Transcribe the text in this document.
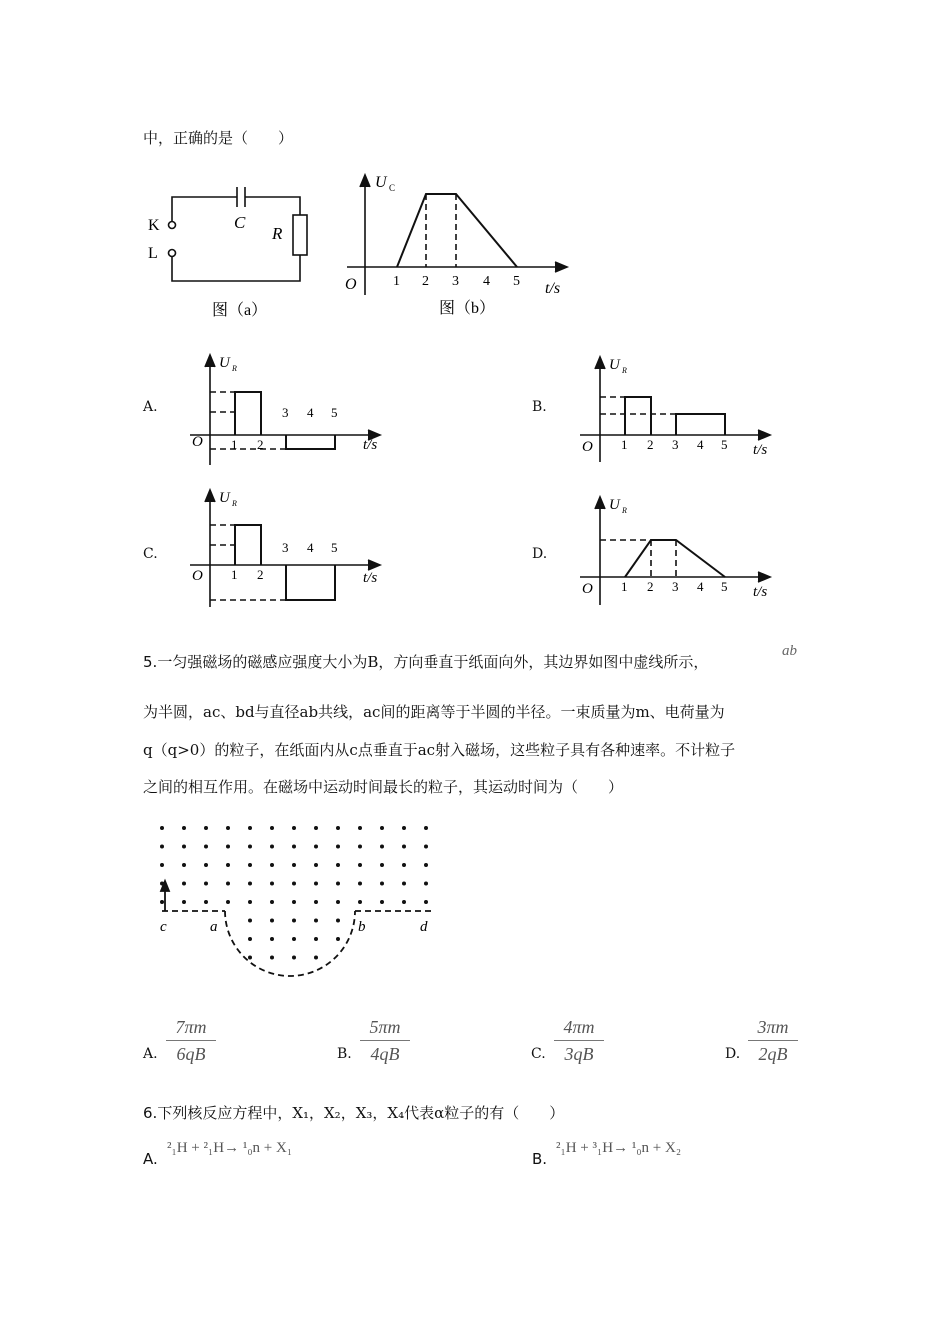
中，正确的是（　　）
K
L
C
R
图（a）
U C
O	1 2 3 4 5 t/s
图（b）
A.
U R
O 1 2
3 4 5
t/s
B.
U R
O 1 2 3 4 5 t/s
C.
U R
O 1 2
3 4 5
t/s
D.
U R
O 1 2 3 4 5 t/s
5.一匀强磁场的磁感应强度大小为B，方向垂直于纸面向外，其边界如图中虚线所示，
ab
为半圆，ac、bd与直径ab共线，ac间的距离等于半圆的半径。一束质量为m、电荷量为
q（q>0）的粒子，在纸面内从c点垂直于ac射入磁场，这些粒子具有各种速率。不计粒子
之间的相互作用。在磁场中运动时间最长的粒子，其运动时间为（　　）
c	a	b	d
A.
7πm
6qB	B.
5πm
4qB	C.
4πm
3qB	D.
3πm
2qB
6.下列核反应方程中，X₁，X₂，X₃，X₄代表α粒子的有（　　）
A.
²₁H + ²₁H→ ¹₀n + X₁
B.
²₁H + ³₁H→ ¹₀n + X₂
